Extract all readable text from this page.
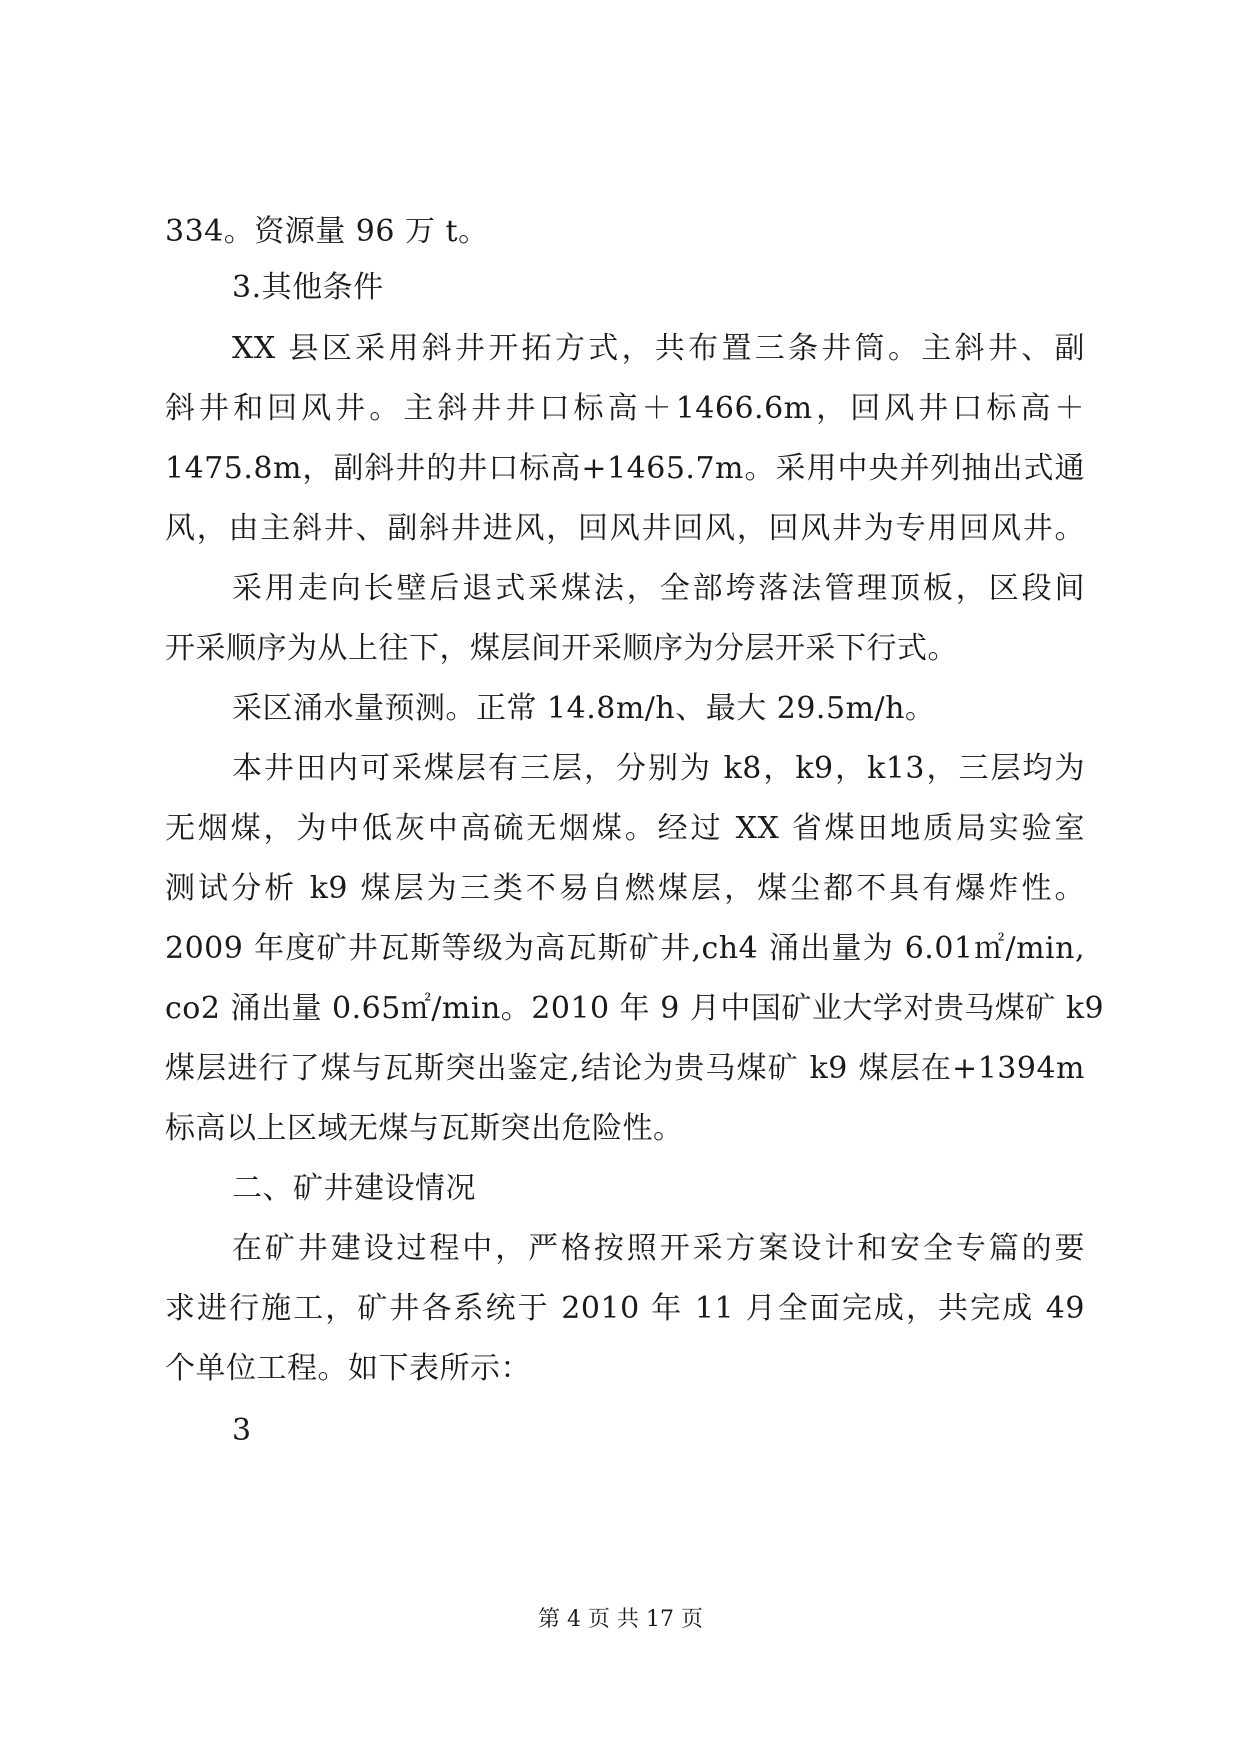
334。资源量 96 万 t。
3.其他条件
XX 县区采用斜井开拓方式，共布置三条井筒。主斜井、副
斜井和回风井。主斜井井口标高＋1466.6m，回风井口标高＋
1475.8m，副斜井的井口标高+1465.7m。采用中央并列抽出式通
风，由主斜井、副斜井进风，回风井回风，回风井为专用回风井。
采用走向长壁后退式采煤法，全部垮落法管理顶板，区段间
开采顺序为从上往下，煤层间开采顺序为分层开采下行式。
采区涌水量预测。正常 14.8m/h、最大 29.5m/h。
本井田内可采煤层有三层，分别为 k8，k9，k13，三层均为
无烟煤，为中低灰中高硫无烟煤。经过 XX 省煤田地质局实验室
测试分析 k9 煤层为三类不易自燃煤层，煤尘都不具有爆炸性。
2009 年度矿井瓦斯等级为高瓦斯矿井,ch4 涌出量为 6.01㎡/min,
co2 涌出量 0.65㎡/min。2010 年 9 月中国矿业大学对贵马煤矿 k9
煤层进行了煤与瓦斯突出鉴定,结论为贵马煤矿 k9 煤层在+1394m
标高以上区域无煤与瓦斯突出危险性。
二、矿井建设情况
在矿井建设过程中，严格按照开采方案设计和安全专篇的要
求进行施工，矿井各系统于 2010 年 11 月全面完成，共完成 49
个单位工程。如下表所示：
3
第 4 页 共 17 页
